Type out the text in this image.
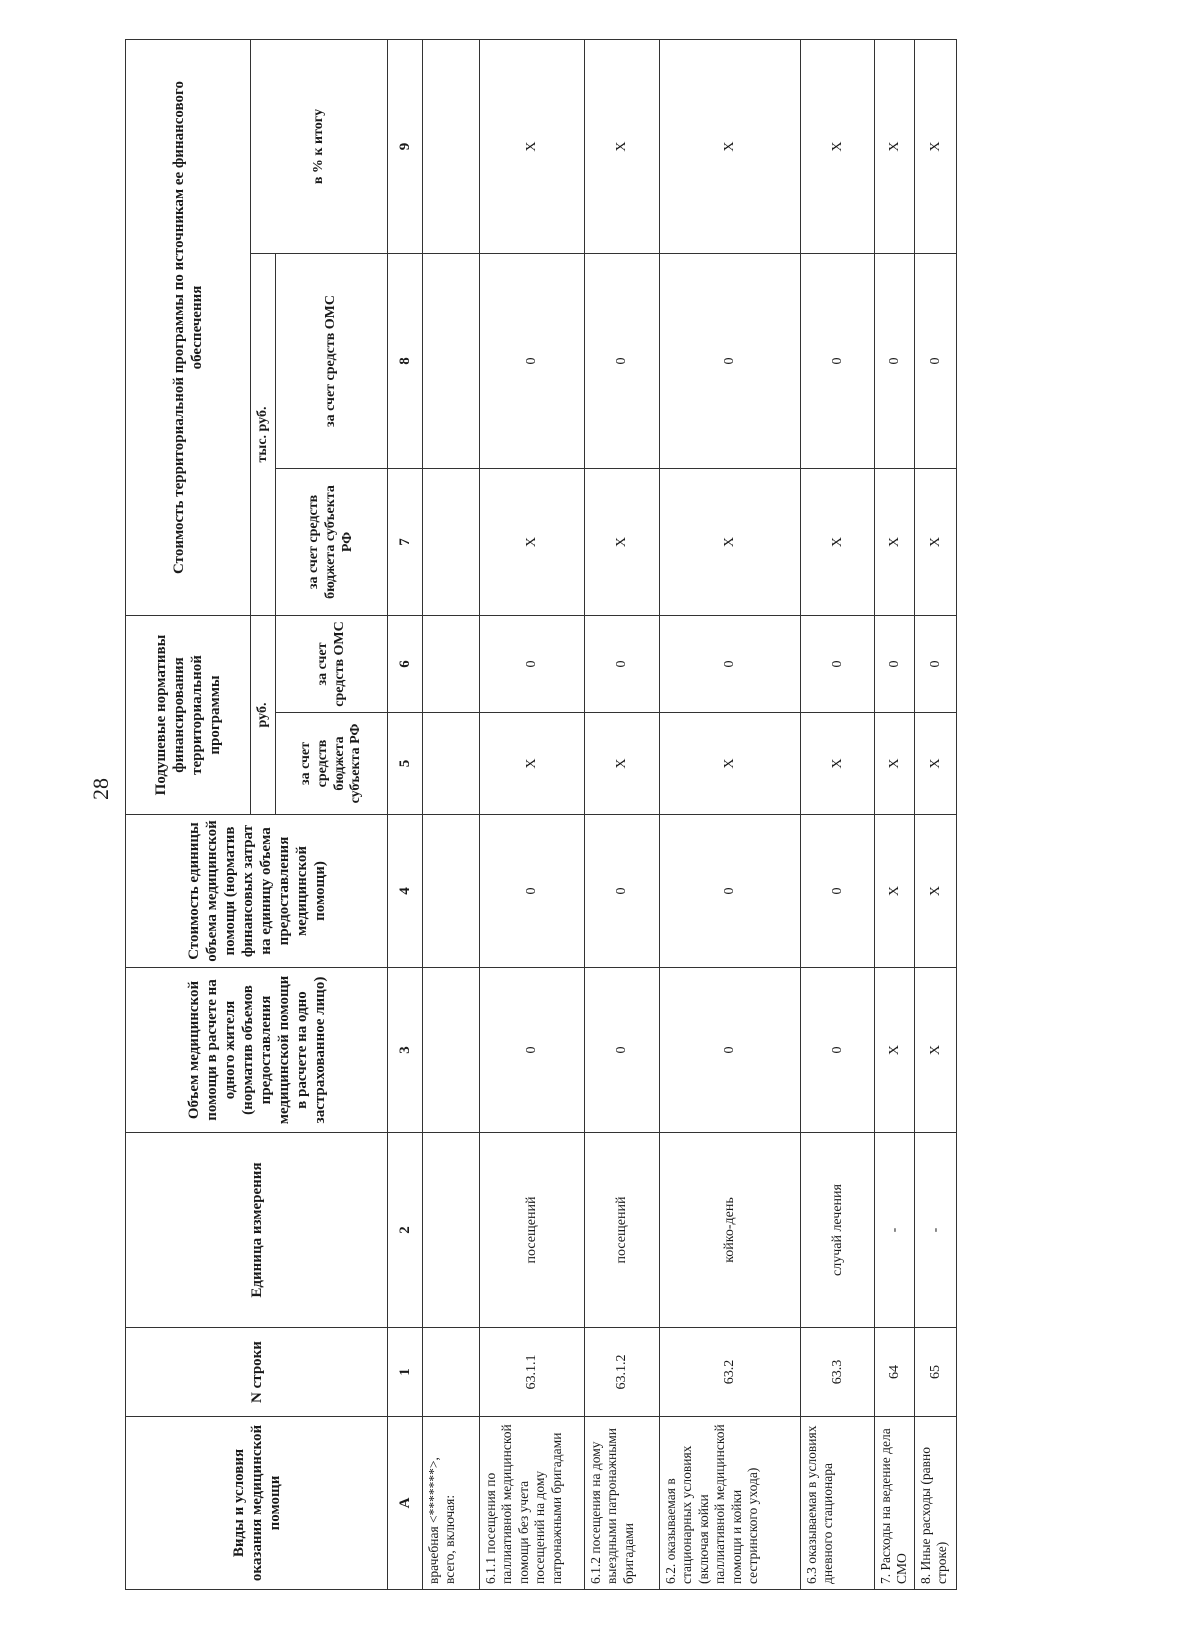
28
Виды и условия оказания медицинской помощи	N строки	Единица измерения	Объем медицинской помощи в расчете на одного жителя (норматив объемов предоставления медицинской помощи в расчете на одно застрахованное лицо)	Стоимость единицы объема медицинской помощи (норматив финансовых затрат на единицу объема предоставления медицинской помощи)	Подушевые нормативы финансирования территориальной программы		Стоимость территориальной программы по источникам ее финансового обеспечения		
					руб.		тыс. руб.		в % к итогу
					за счет средств бюджета субъекта РФ	за счет средств ОМС	за счет средств бюджета субъекта РФ	за счет средств ОМС	
А	1	2	3	4	5	6	7	8	9
врачебная <*******>, всего, включая:									
6.1.1 посещения по паллиативной медицинской помощи без учета посещений на дому патронажными бригадами	63.1.1	посещений	0	0	X	0	X	0	X
6.1.2 посещения на дому выездными патронажными бригадами	63.1.2	посещений	0	0	X	0	X	0	X
6.2. оказываемая в стационарных условиях (включая койки паллиативной медицинской помощи и койки сестринского ухода)	63.2	койко-день	0	0	X	0	X	0	X
6.3 оказываемая в условиях дневного стационара	63.3	случай лечения	0	0	X	0	X	0	X
7. Расходы на ведение дела СМО	64	-	X	X	X	0	X	0	X
8. Иные расходы (равно строке)	65	-	X	X	X	0	X	0	X
